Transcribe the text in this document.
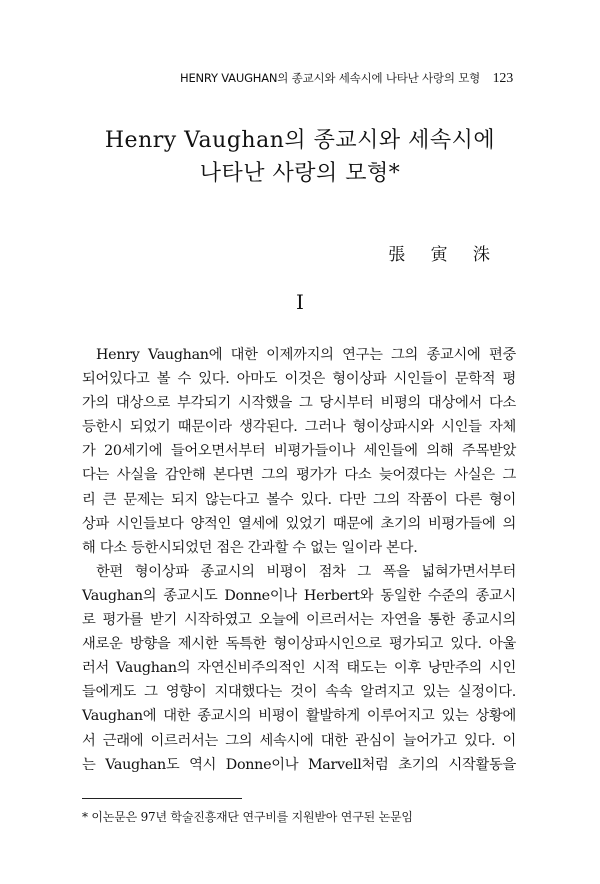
HENRY VAUGHAN의 종교시와 세속시에 나타난 사랑의 모형 123
Henry Vaughan의 종교시와 세속시에
나타난 사랑의 모형*
張 寅 洙
I
Henry Vaughan에 대한 이제까지의 연구는 그의 종교시에 편중
되어있다고 볼 수 있다. 아마도 이것은 형이상파 시인들이 문학적 평
가의 대상으로 부각되기 시작했을 그 당시부터 비평의 대상에서 다소
등한시 되었기 때문이라 생각된다. 그러나 형이상파시와 시인들 자체
가 20세기에 들어오면서부터 비평가들이나 세인들에 의해 주목받았
다는 사실을 감안해 본다면 그의 평가가 다소 늦어졌다는 사실은 그
리 큰 문제는 되지 않는다고 볼수 있다. 다만 그의 작품이 다른 형이
상파 시인들보다 양적인 열세에 있었기 때문에 초기의 비평가들에 의
해 다소 등한시되었던 점은 간과할 수 없는 일이라 본다.
한편 형이상파 종교시의 비평이 점차 그 폭을 넓혀가면서부터
Vaughan의 종교시도 Donne이나 Herbert와 동일한 수준의 종교시
로 평가를 받기 시작하였고 오늘에 이르러서는 자연을 통한 종교시의
새로운 방향을 제시한 독특한 형이상파시인으로 평가되고 있다. 아울
러서 Vaughan의 자연신비주의적인 시적 태도는 이후 낭만주의 시인
들에게도 그 영향이 지대했다는 것이 속속 알려지고 있는 실정이다.
Vaughan에 대한 종교시의 비평이 활발하게 이루어지고 있는 상황에
서 근래에 이르러서는 그의 세속시에 대한 관심이 늘어가고 있다. 이
는 Vaughan도 역시 Donne이나 Marvell처럼 초기의 시작활동을
* 이논문은 97년 학술진흥재단 연구비를 지원받아 연구된 논문임
